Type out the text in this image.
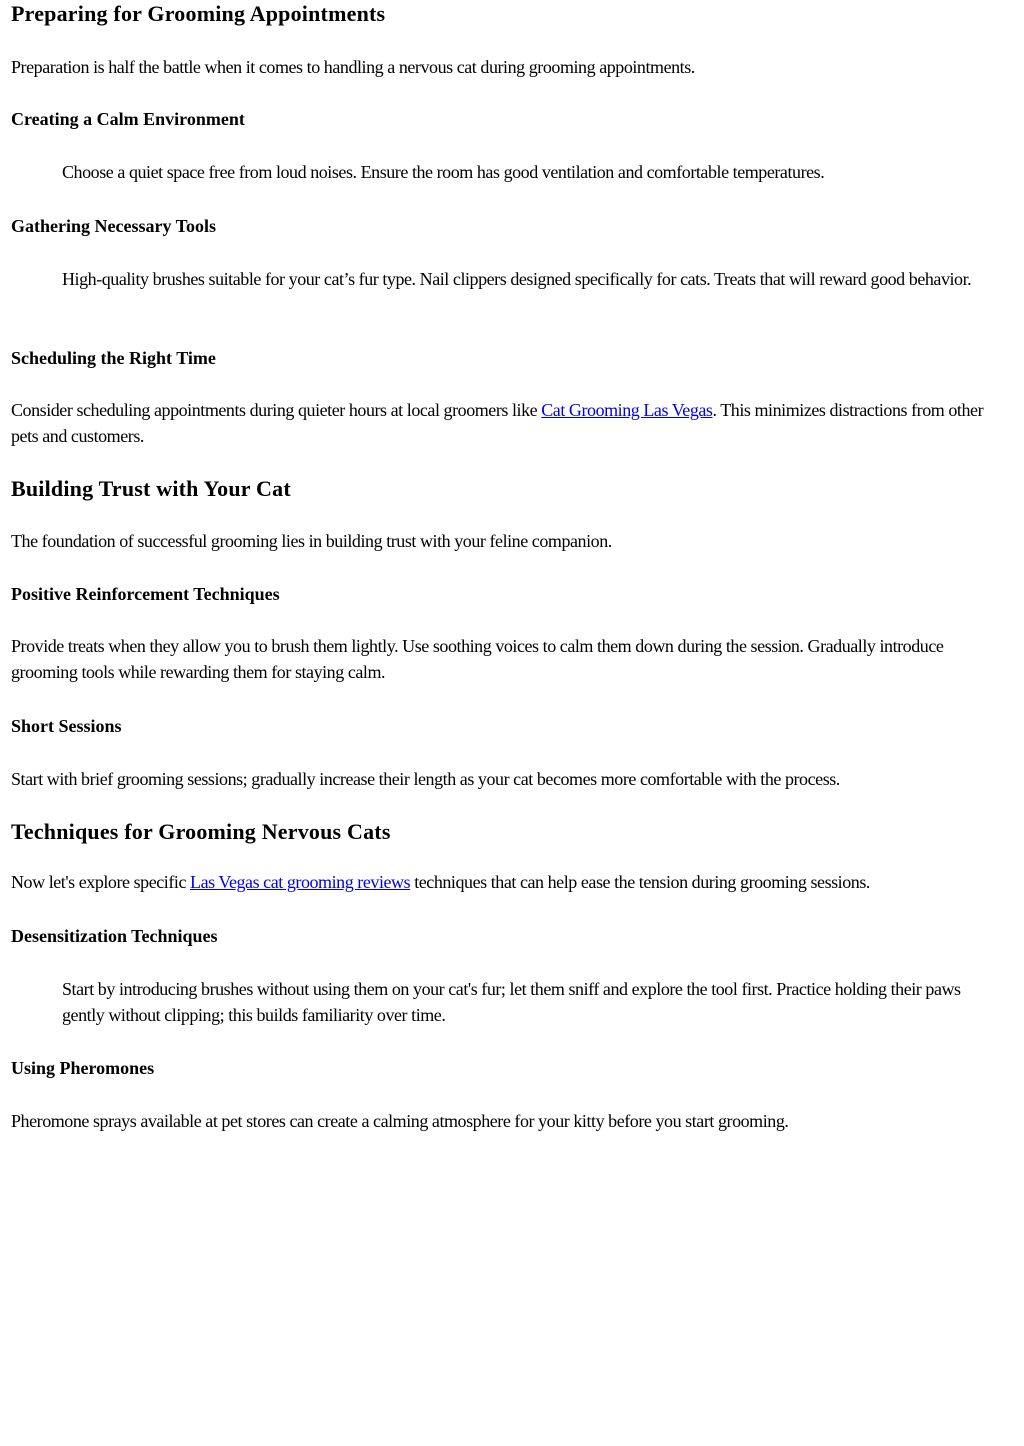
Preparing for Grooming Appointments

Preparation is half the battle when it comes to handling a nervous cat during grooming appointments.

Creating a Calm Environment

Choose a quiet space free from loud noises. Ensure the room has good ventilation and comfortable temperatures.

Gathering Necessary Tools

High-quality brushes suitable for your cat’s fur type. Nail clippers designed specifically for cats. Treats that will reward good behavior.

Scheduling the Right Time

Consider scheduling appointments during quieter hours at local groomers like Cat Grooming Las Vegas. This minimizes distractions from other pets and customers.

Building Trust with Your Cat

The foundation of successful grooming lies in building trust with your feline companion.

Positive Reinforcement Techniques

Provide treats when they allow you to brush them lightly. Use soothing voices to calm them down during the session. Gradually introduce grooming tools while rewarding them for staying calm.

Short Sessions

Start with brief grooming sessions; gradually increase their length as your cat becomes more comfortable with the process.

Techniques for Grooming Nervous Cats

Now let's explore specific Las Vegas cat grooming reviews techniques that can help ease the tension during grooming sessions.

Desensitization Techniques

Start by introducing brushes without using them on your cat's fur; let them sniff and explore the tool first. Practice holding their paws gently without clipping; this builds familiarity over time.

Using Pheromones

Pheromone sprays available at pet stores can create a calming atmosphere for your kitty before you start grooming.
